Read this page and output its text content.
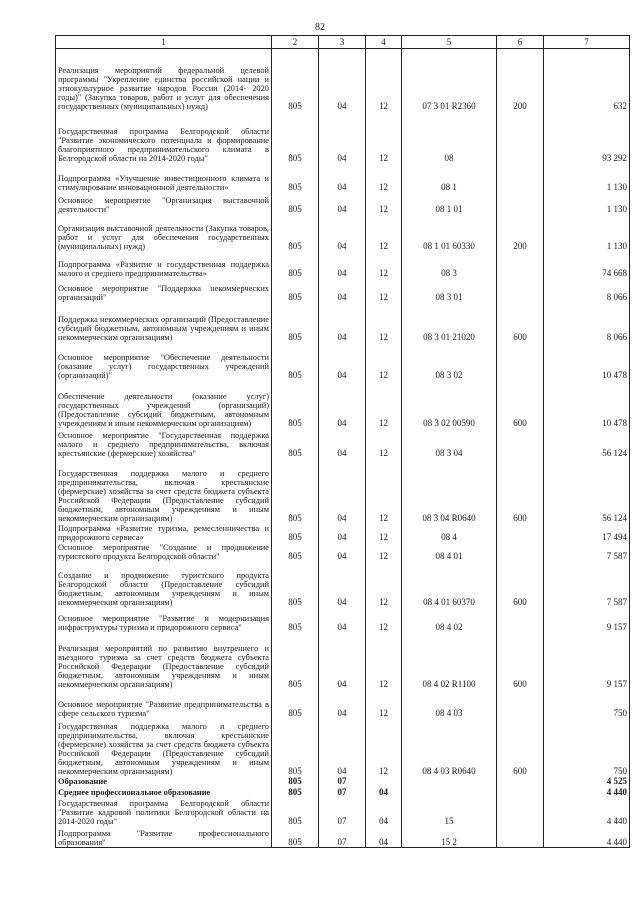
82
1	2	3	4	5	6	7
Реализация мероприятий федеральной целевой программы "Укрепление единства российской нации и этнокультурное развитие народов России (2014- 2020 годы)" (Закупка товаров, работ и услуг для обеспечения государственных (муниципальных) нужд)	805	04	12	07 3 01 R2360	200	632
Государственная программа Белгородской области "Развитие экономического потенциала и формирование благоприятного предпринимательского климата в Белгородской области на 2014-2020 годы"	805	04	12	08		93 292
Подпрограмма «Улучшение инвестиционного климата и стимулирование инновационной деятельности»	805	04	12	08 1		1 130
Основное мероприятие "Организация выставочной деятельности"	805	04	12	08 1 01		1 130
Организация выставочной деятельности (Закупка товаров, работ и услуг для обеспечения государственных (муниципальных) нужд)	805	04	12	08 1 01 60330	200	1 130
Подпрограмма «Развитие и государственная поддержка малого и среднего предпринимательства»	805	04	12	08 3		74 668
Основное мероприятие "Поддержка некоммерческих организаций"	805	04	12	08 3 01		8 066
Поддержка некоммерческих организаций (Предоставление субсидий бюджетным, автономным учреждениям и иным некоммерческим организациям)	805	04	12	08 3 01 21020	600	8 066
Основное мероприятие "Обеспечение деятельности (оказание услуг) государственных учреждений (организаций)"	805	04	12	08 3 02		10 478
Обеспечение деятельности (оказание услуг) государственных учреждений (организаций) (Предоставление субсидий бюджетным, автономным учреждениям и иным некоммерческим организациям)	805	04	12	08 3 02 00590	600	10 478
Основное мероприятие "Государственная поддержка малого и среднего предпринимательства, включая крестьянские (фермерские) хозяйства"	805	04	12	08 3 04		56 124
Государственная поддержка малого и среднего предпринимательства, включая крестьянские (фермерские) хозяйства за счет средств бюджета субъекта Российской Федерации (Предоставление субсидий бюджетным, автономным учреждениям и иным некоммерческим организациям)	805	04	12	08 3 04 R0640	600	56 124
Подпрограмма «Развитие туризма, ремесленничества и придорожного сервиса»	805	04	12	08 4		17 494
Основное мероприятие "Создание и продвижение туристского продукта Белгородской области"	805	04	12	08 4 01		7 587
Создание и продвижение туристского продукта Белгородской области (Предоставление субсидий бюджетным, автономным учреждениям и иным некоммерческим организациям)	805	04	12	08 4 01 60370	600	7 587
Основное мероприятие "Развитие и модернизация инфраструктуры туризма и придорожного сервиса"	805	04	12	08 4 02		9 157
Реализация мероприятий по развитию внутреннего и въездного туризма за счет средств бюджета субъекта Российской Федерации (Предоставление субсидий бюджетным, автономным учреждениям и иным некоммерческим организациям)	805	04	12	08 4 02 R1100	600	9 157
Основное мероприятие "Развитие предпринимательства в сфере сельского туризма"	805	04	12	08 4 03		750
Государственная поддержка малого и среднего предпринимательства, включая крестьянские (фермерские) хозяйства за счет средств бюджета субъекта Российской Федерации (Предоставление субсидий бюджетным, автономным учреждениям и иным некоммерческим организациям)	805	04	12	08 4 03 R0640	600	750
Образование	805	07				4 525
Среднее профессиональное образование	805	07	04			4 440
Государственная программа Белгородской области "Развитие кадровой политики Белгородской области на 2014-2020 годы"	805	07	04	15		4 440
Подпрограмма "Развитие профессионального образования"	805	07	04	15 2		4 440
